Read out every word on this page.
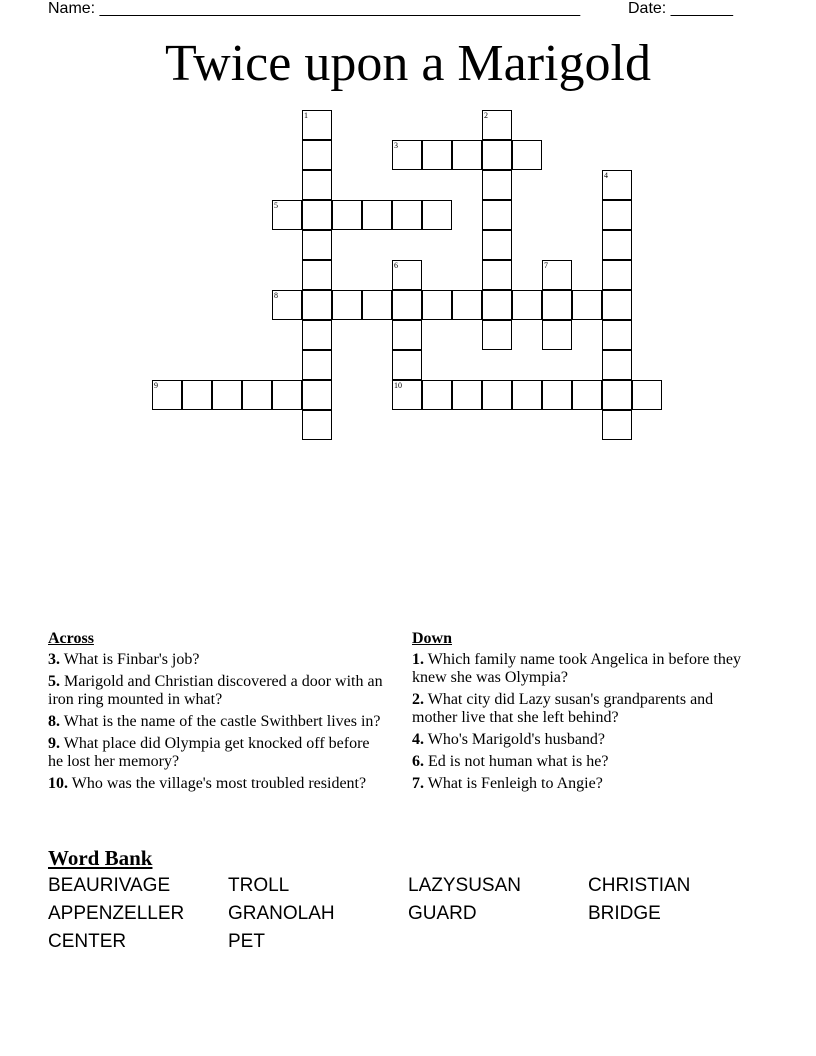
Name: ______________________________________________________	Date: _______
Twice upon a Marigold
1	2
3
4
5
6
10
7
8
9
Across
3. What is Finbar's job?
5. Marigold and Christian discovered a door with an iron ring mounted in what?
8. What is the name of the castle Swithbert lives in?
9. What place did Olympia get knocked off before he lost her memory?
10. Who was the village's most troubled resident?
Down
1. Which family name took Angelica in before they knew she was Olympia?
2. What city did Lazy susan's grandparents and mother live that she left behind?
4. Who's Marigold's husband?
6. Ed is not human what is he?
7. What is Fenleigh to Angie?
Word Bank
BEAURIVAGE	TROLL	LAZYSUSAN	CHRISTIAN
APPENZELLER	GRANOLAH	GUARD	BRIDGE
CENTER	PET
